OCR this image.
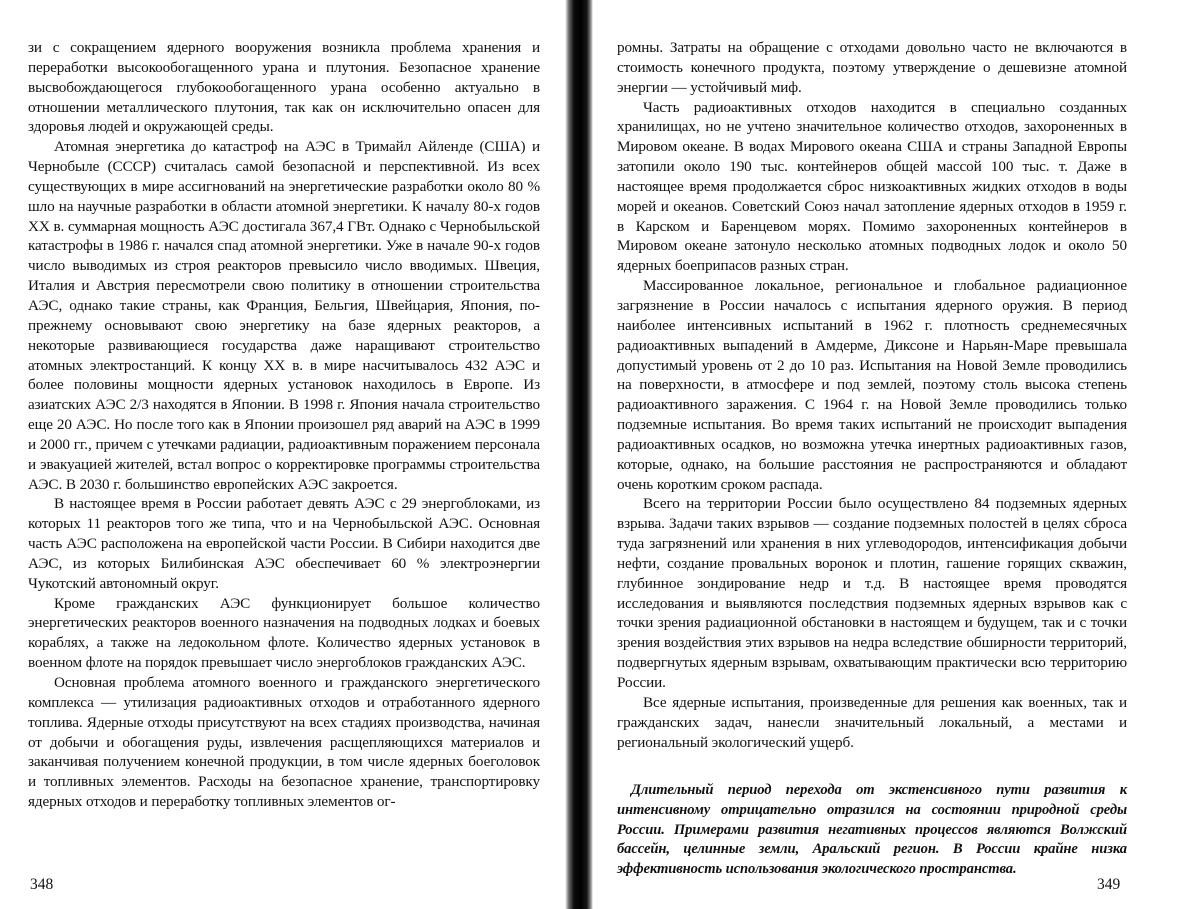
зи с сокращением ядерного вооружения возникла проблема хранения и переработки высокообогащенного урана и плутония. Безопасное хранение высвобождающегося глубокообогащенного урана особенно актуально в отношении металлического плутония, так как он исключительно опасен для здоровья людей и окружающей среды.

Атомная энергетика до катастроф на АЭС в Тримайл Айленде (США) и Чернобыле (СССР) считалась самой безопасной и перспективной. Из всех существующих в мире ассигнований на энергетические разработки около 80 % шло на научные разработки в области атомной энергетики. К началу 80-х годов XX в. суммарная мощность АЭС достигала 367,4 ГВт. Однако с Чернобыльской катастрофы в 1986 г. начался спад атомной энергетики. Уже в начале 90-х годов число выводимых из строя реакторов превысило число вводимых. Швеция, Италия и Австрия пересмотрели свою политику в отношении строительства АЭС, однако такие страны, как Франция, Бельгия, Швейцария, Япония, по-прежнему основывают свою энергетику на базе ядерных реакторов, а некоторые развивающиеся государства даже наращивают строительство атомных электростанций. К концу XX в. в мире насчитывалось 432 АЭС и более половины мощности ядерных установок находилось в Европе. Из азиатских АЭС 2/3 находятся в Японии. В 1998 г. Япония начала строительство еще 20 АЭС. Но после того как в Японии произошел ряд аварий на АЭС в 1999 и 2000 гг., причем с утечками радиации, радиоактивным поражением персонала и эвакуацией жителей, встал вопрос о корректировке программы строительства АЭС. В 2030 г. большинство европейских АЭС закроется.

В настоящее время в России работает девять АЭС с 29 энергоблоками, из которых 11 реакторов того же типа, что и на Чернобыльской АЭС. Основная часть АЭС расположена на европейской части России. В Сибири находится две АЭС, из которых Билибинская АЭС обеспечивает 60 % электроэнергии Чукотский автономный округ.

Кроме гражданских АЭС функционирует большое количество энергетических реакторов военного назначения на подводных лодках и боевых кораблях, а также на ледокольном флоте. Количество ядерных установок в военном флоте на порядок превышает число энергоблоков гражданских АЭС.

Основная проблема атомного военного и гражданского энергетического комплекса — утилизация радиоактивных отходов и отработанного ядерного топлива. Ядерные отходы присутствуют на всех стадиях производства, начиная от добычи и обогащения руды, извлечения расщепляющихся материалов и заканчивая получением конечной продукции, в том числе ядерных боеголовок и топливных элементов. Расходы на безопасное хранение, транспортировку ядерных отходов и переработку топливных элементов ог-

ромны. Затраты на обращение с отходами довольно часто не включаются в стоимость конечного продукта, поэтому утверждение о дешевизне атомной энергии — устойчивый миф.

Часть радиоактивных отходов находится в специально созданных хранилищах, но не учтено значительное количество отходов, захороненных в Мировом океане. В водах Мирового океана США и страны Западной Европы затопили около 190 тыс. контейнеров общей массой 100 тыс. т. Даже в настоящее время продолжается сброс низкоактивных жидких отходов в воды морей и океанов. Советский Союз начал затопление ядерных отходов в 1959 г. в Карском и Баренцевом морях. Помимо захороненных контейнеров в Мировом океане затонуло несколько атомных подводных лодок и около 50 ядерных боеприпасов разных стран.

Массированное локальное, региональное и глобальное радиационное загрязнение в России началось с испытания ядерного оружия. В период наиболее интенсивных испытаний в 1962 г. плотность среднемесячных радиоактивных выпадений в Амдерме, Диксоне и Нарьян-Маре превышала допустимый уровень от 2 до 10 раз. Испытания на Новой Земле проводились на поверхности, в атмосфере и под землей, поэтому столь высока степень радиоактивного заражения. С 1964 г. на Новой Земле проводились только подземные испытания. Во время таких испытаний не происходит выпадения радиоактивных осадков, но возможна утечка инертных радиоактивных газов, которые, однако, на большие расстояния не распространяются и обладают очень коротким сроком распада.

Всего на территории России было осуществлено 84 подземных ядерных взрыва. Задачи таких взрывов — создание подземных полостей в целях сброса туда загрязнений или хранения в них углеводородов, интенсификация добычи нефти, создание провальных воронок и плотин, гашение горящих скважин, глубинное зондирование недр и т.д. В настоящее время проводятся исследования и выявляются последствия подземных ядерных взрывов как с точки зрения радиационной обстановки в настоящем и будущем, так и с точки зрения воздействия этих взрывов на недра вследствие обширности территорий, подвергнутых ядерным взрывам, охватывающим практически всю территорию России.

Все ядерные испытания, произведенные для решения как военных, так и гражданских задач, нанесли значительный локальный, а местами и региональный экологический ущерб.

Длительный период перехода от экстенсивного пути развития к интенсивному отрицательно отразился на состоянии природной среды России. Примерами развития негативных процессов являются Волжский бассейн, целинные земли, Аральский регион. В России крайне низка эффективность использования экологического пространства.

348	349
